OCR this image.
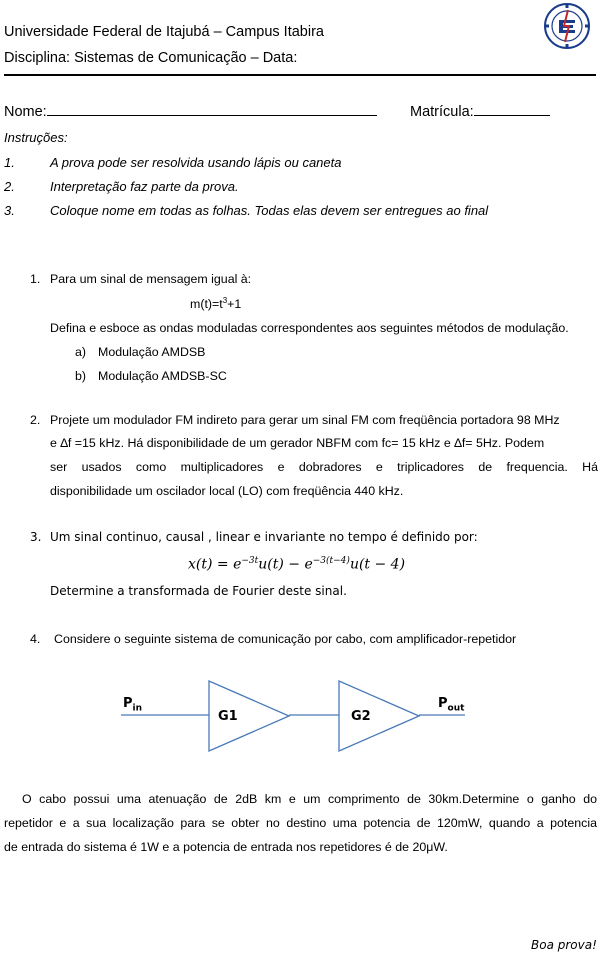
Universidade Federal de Itajubá – Campus Itabira
Disciplina: Sistemas de Comunicação – Data:
Nome:	Matrícula:
Instruções:
1.	A prova pode ser resolvida usando lápis ou caneta
2.	Interpretação faz parte da prova.
3.	Coloque nome em todas as folhas. Todas elas devem ser entregues ao final
1. Para um sinal de mensagem igual à:
$m(t)=t^3+1$
Defina e esboce as ondas moduladas correspondentes aos seguintes métodos de modulação.
a) Modulação AMDSB
b) Modulação AMDSB-SC
2. Projete um modulador FM indireto para gerar um sinal FM com freqüência portadora 98 MHz
e ∆f =15 kHz. Há disponibilidade de um gerador NBFM com fc= 15 kHz e ∆f= 5Hz. Podem
ser usados como multiplicadores e dobradores e triplicadores de frequencia. Há
disponibilidade um oscilador local (LO) com freqüência 440 kHz.
3. Um sinal continuo, causal , linear e invariante no tempo é definido por:
$x(t) = e^{-3t}u(t) - e^{-3(t-4)}u(t - 4)$
Determine a transformada de Fourier deste sinal.
4. Considere o seguinte sistema de comunicação por cabo, com amplificador-repetidor
$P_{in}$	$P_{out}$
G1	G2
O cabo possui uma atenuação de 2dB km e um comprimento de 30km.Determine o ganho do
repetidor e a sua localização para se obter no destino uma potencia de 120mW, quando a potencia
de entrada do sistema é 1W e a potencia de entrada nos repetidores é de 20μW.
Boa prova!
